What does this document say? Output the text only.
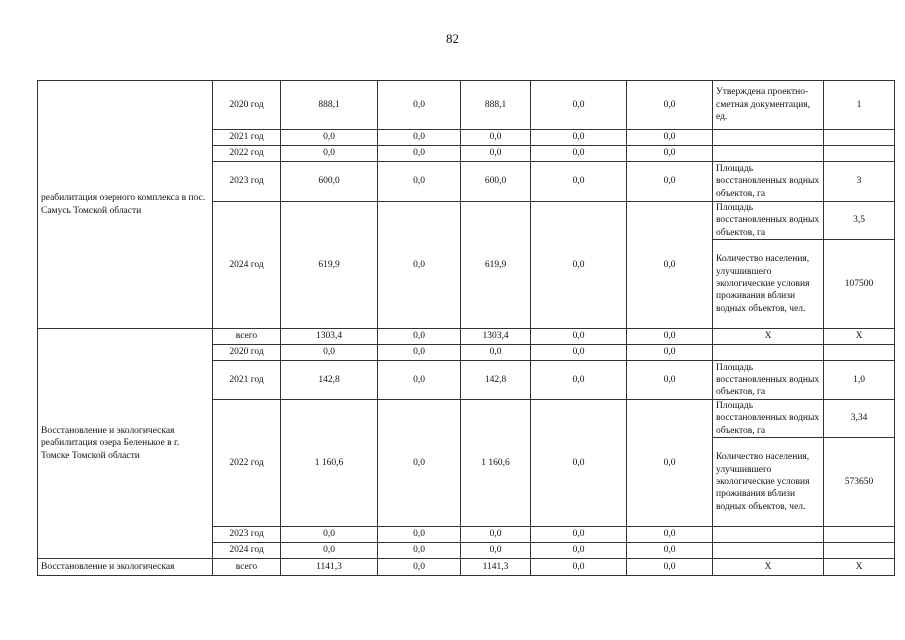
82
реабилитация озерного комплекса в пос. Самусь Томской области	2020 год	888,1	0,0	888,1	0,0	0,0	Утверждена проектно-сметная документация, ед.	1
	2021 год	0,0	0,0	0,0	0,0	0,0		
	2022 год	0,0	0,0	0,0	0,0	0,0		
	2023 год	600,0	0,0	600,0	0,0	0,0	Площадь восстановленных водных объектов, га	3
	2024 год	619,9	0,0	619,9	0,0	0,0	Площадь восстановленных водных объектов, га	3,5
							Количество населения, улучшившего экологические условия проживания вблизи водных объектов, чел.	107500
Восстановление и экологическая реабилитация озера Беленькое в г. Томске Томской области	всего	1303,4	0,0	1303,4	0,0	0,0	X	X
	2020 год	0,0	0,0	0,0	0,0	0,0		
	2021 год	142,8	0,0	142,8	0,0	0,0	Площадь восстановленных водных объектов, га	1,0
	2022 год	1 160,6	0,0	1 160,6	0,0	0,0	Площадь восстановленных водных объектов, га	3,34
							Количество населения, улучшившего экологические условия проживания вблизи водных объектов, чел.	573650
	2023 год	0,0	0,0	0,0	0,0	0,0		
	2024 год	0,0	0,0	0,0	0,0	0,0		
Восстановление и экологическая	всего	1141,3	0,0	1141,3	0,0	0,0	X	X
